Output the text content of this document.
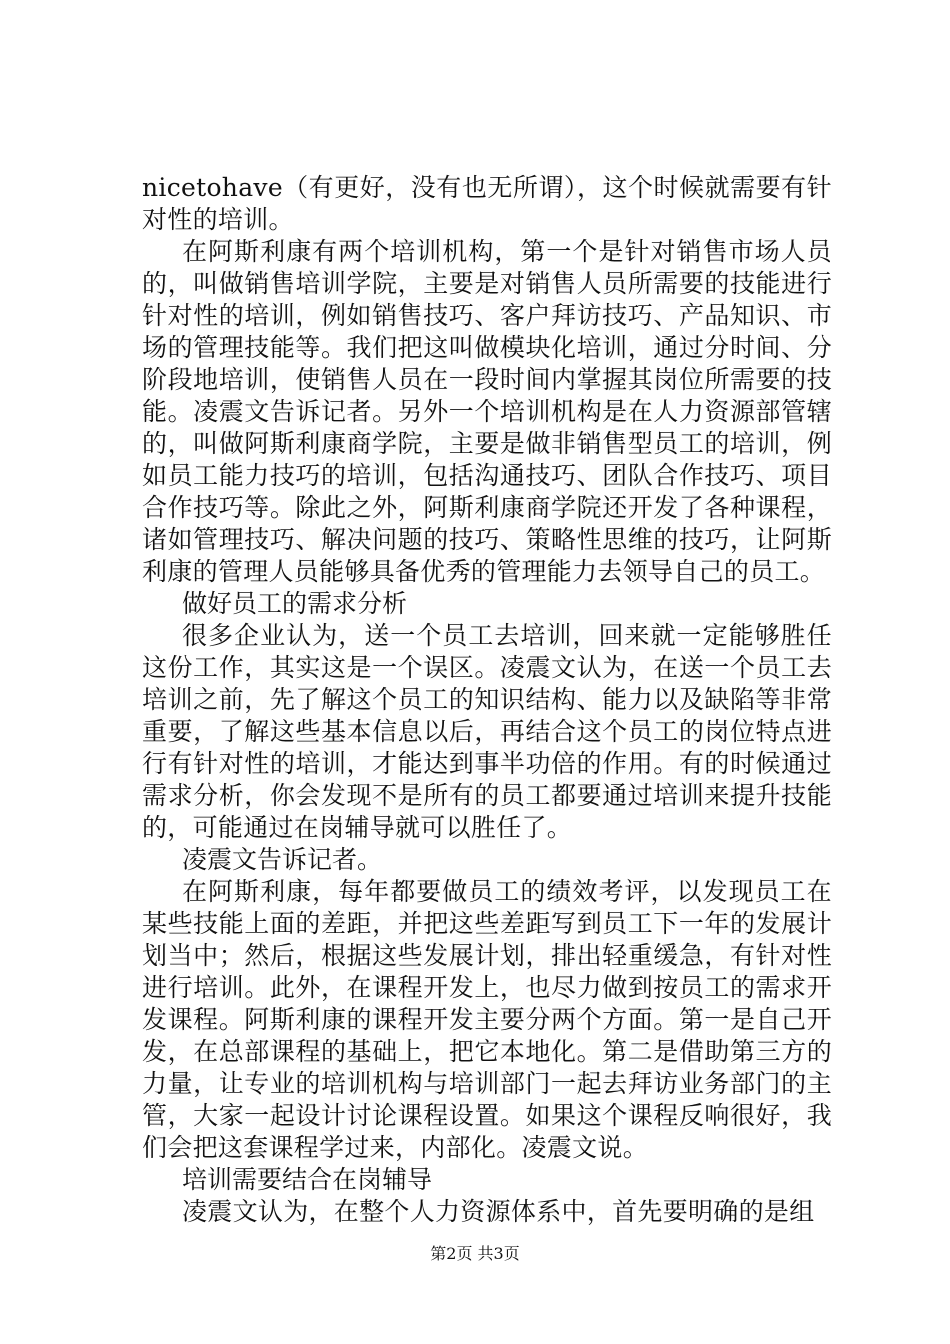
nicetohave（有更好，没有也无所谓），这个时候就需要有针对性的培训。

在阿斯利康有两个培训机构，第一个是针对销售市场人员的，叫做销售培训学院，主要是对销售人员所需要的技能进行针对性的培训，例如销售技巧、客户拜访技巧、产品知识、市场的管理技能等。我们把这叫做模块化培训，通过分时间、分阶段地培训，使销售人员在一段时间内掌握其岗位所需要的技能。凌震文告诉记者。另外一个培训机构是在人力资源部管辖的，叫做阿斯利康商学院，主要是做非销售型员工的培训，例如员工能力技巧的培训，包括沟通技巧、团队合作技巧、项目合作技巧等。除此之外，阿斯利康商学院还开发了各种课程，诸如管理技巧、解决问题的技巧、策略性思维的技巧，让阿斯利康的管理人员能够具备优秀的管理能力去领导自己的员工。

做好员工的需求分析

很多企业认为，送一个员工去培训，回来就一定能够胜任这份工作，其实这是一个误区。凌震文认为，在送一个员工去培训之前，先了解这个员工的知识结构、能力以及缺陷等非常重要，了解这些基本信息以后，再结合这个员工的岗位特点进行有针对性的培训，才能达到事半功倍的作用。有的时候通过需求分析，你会发现不是所有的员工都要通过培训来提升技能的，可能通过在岗辅导就可以胜任了。

凌震文告诉记者。

在阿斯利康，每年都要做员工的绩效考评，以发现员工在某些技能上面的差距，并把这些差距写到员工下一年的发展计划当中；然后，根据这些发展计划，排出轻重缓急，有针对性进行培训。此外，在课程开发上，也尽力做到按员工的需求开发课程。阿斯利康的课程开发主要分两个方面。第一是自己开发，在总部课程的基础上，把它本地化。第二是借助第三方的力量，让专业的培训机构与培训部门一起去拜访业务部门的主管，大家一起设计讨论课程设置。如果这个课程反响很好，我们会把这套课程学过来，内部化。凌震文说。

培训需要结合在岗辅导

凌震文认为，在整个人力资源体系中，首先要明确的是组

第2页 共3页
